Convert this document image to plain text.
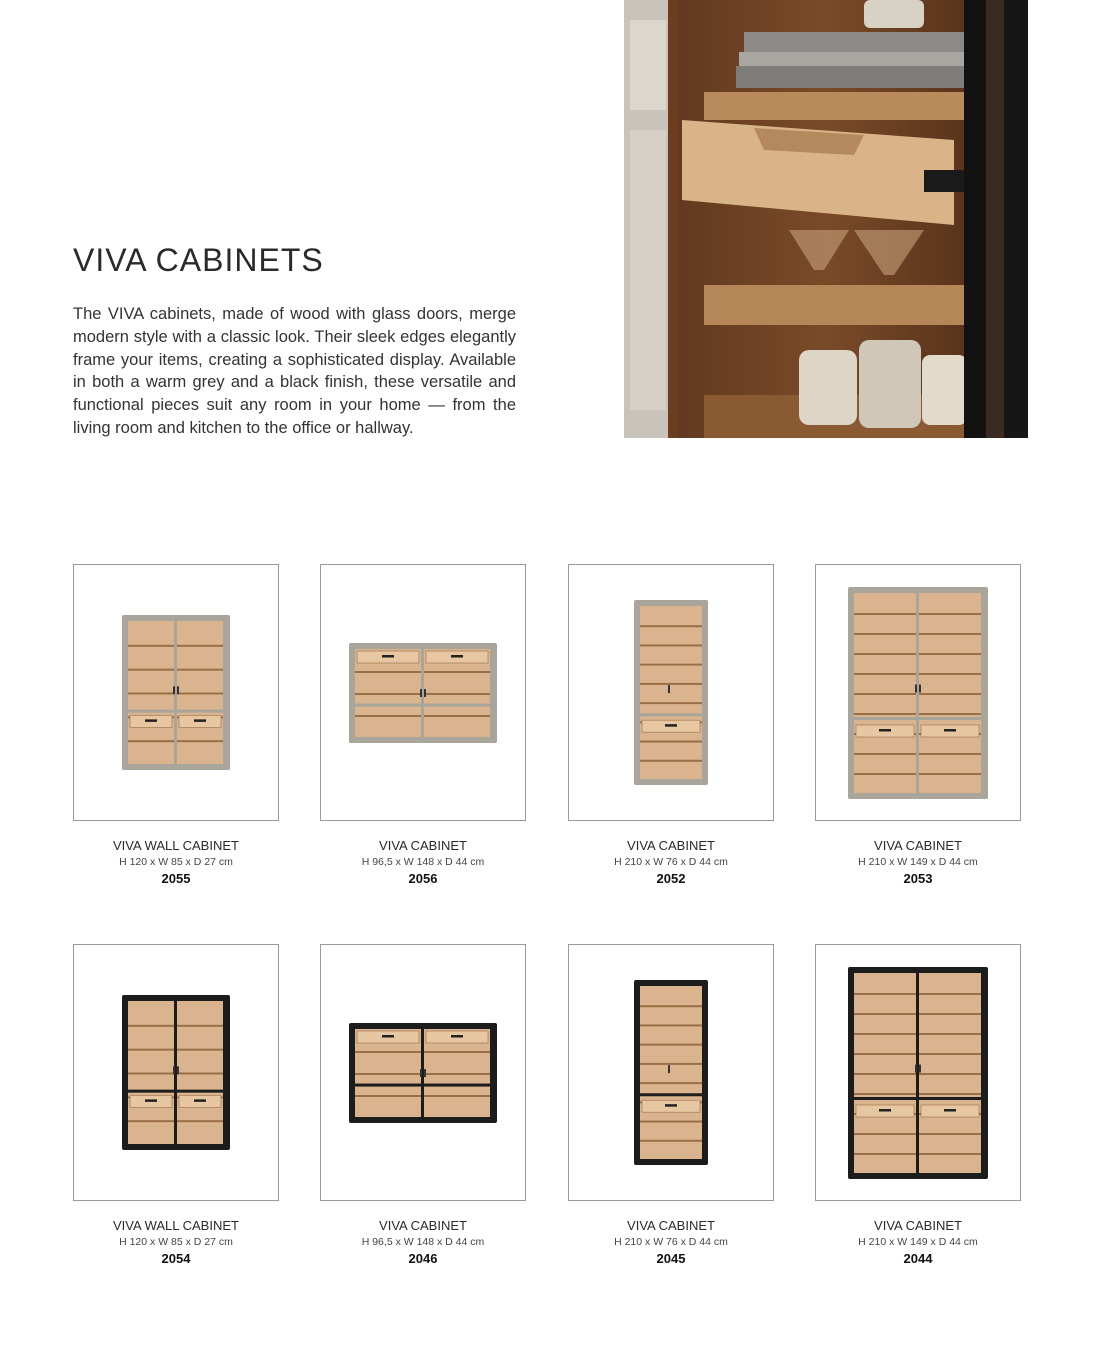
VIVA CABINETS

The VIVA cabinets, made of wood with glass doors, merge modern style with a classic look. Their sleek edges elegantly frame your items, creating a sophisticated display. Available in both a warm grey and a black finish, these versatile and functional pieces suit any room in your home — from the living room and kitchen to the office or hallway.

VIVA WALL CABINET
H 120 x W 85 x D 27 cm
2055
VIVA CABINET
H 96,5 x W 148 x D 44 cm
2056
VIVA CABINET
H 210 x W 76 x D 44 cm
2052
VIVA CABINET
H 210 x W 149 x D 44 cm
2053
VIVA WALL CABINET
H 120 x W 85 x D 27 cm
2054
VIVA CABINET
H 96,5 x W 148 x D 44 cm
2046
VIVA CABINET
H 210 x W 76 x D 44 cm
2045
VIVA CABINET
H 210 x W 149 x D 44 cm
2044
